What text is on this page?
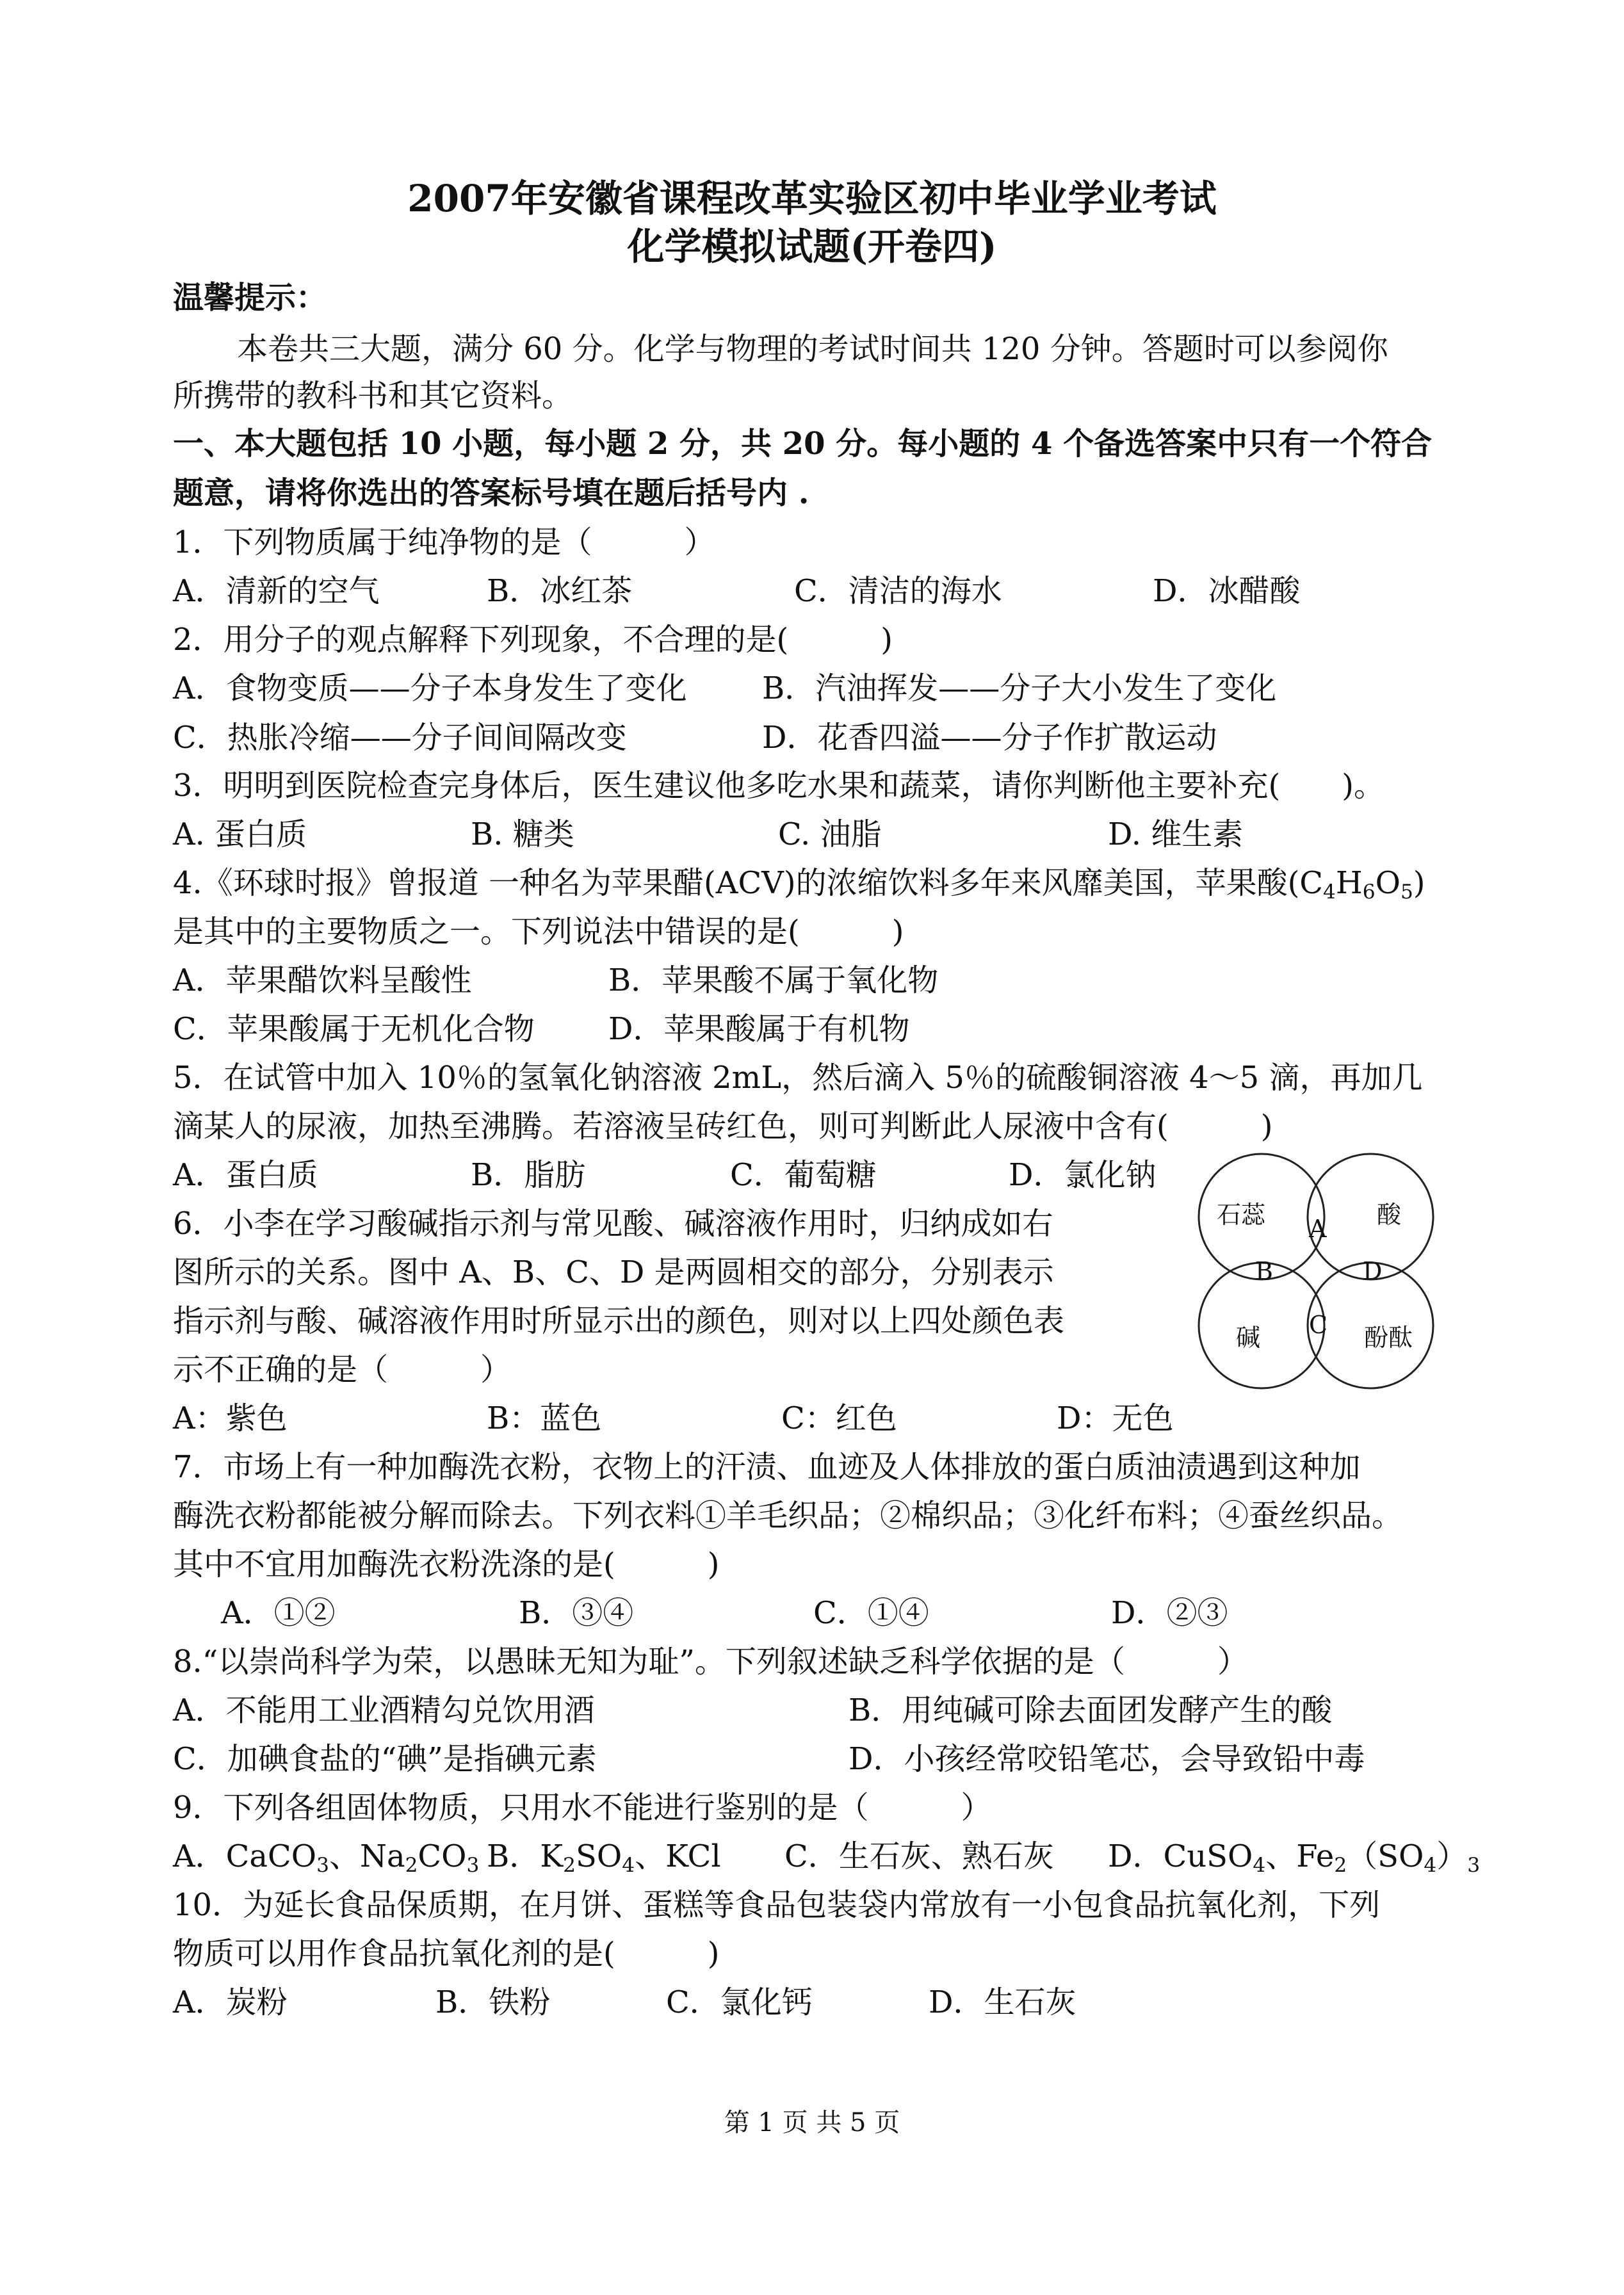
2007年安徽省课程改革实验区初中毕业学业考试
化学模拟试题(开卷四)
温馨提示：
本卷共三大题，满分 60 分。化学与物理的考试时间共 120 分钟。答题时可以参阅你
所携带的教科书和其它资料。
一、本大题包括 10 小题，每小题 2 分，共 20 分。每小题的 4 个备选答案中只有一个符合
题意，请将你选出的答案标号填在题后括号内 .
1．下列物质属于纯净物的是（　　　）
A．清新的空气	B．冰红茶	C．清洁的海水	D．冰醋酸
2．用分子的观点解释下列现象，不合理的是(　　　)
A．食物变质——分子本身发生了变化 B．汽油挥发——分子大小发生了变化
C．热胀冷缩——分子间间隔改变	D．花香四溢——分子作扩散运动
3．明明到医院检查完身体后，医生建议他多吃水果和蔬菜，请你判断他主要补充(　　)。
A. 蛋白质	B. 糖类	C. 油脂	D. 维生素
4.《环球时报》曾报道 一种名为苹果醋(ACV)的浓缩饮料多年来风靡美国，苹果酸$(C_4H_6O_5)$
是其中的主要物质之一。下列说法中错误的是(　　　)
A．苹果醋饮料呈酸性	B．苹果酸不属于氧化物
C．苹果酸属于无机化合物 D．苹果酸属于有机物
5．在试管中加入 10％的氢氧化钠溶液 2mL，然后滴入 5％的硫酸铜溶液 4～5 滴，再加几
滴某人的尿液，加热至沸腾。若溶液呈砖红色，则可判断此人尿液中含有(　　　)
A．蛋白质	B．脂肪	C．葡萄糖	D．氯化钠
6．小李在学习酸碱指示剂与常见酸、碱溶液作用时，归纳成如右
图所示的关系。图中 A、B、C、D 是两圆相交的部分，分别表示
指示剂与酸、碱溶液作用时所显示出的颜色，则对以上四处颜色表
示不正确的是（　　　）
A：紫色	B：蓝色	C：红色	D：无色
石蕊	酸
碱	酚酞
A
B
C
D
7．市场上有一种加酶洗衣粉，衣物上的汗渍、血迹及人体排放的蛋白质油渍遇到这种加
酶洗衣粉都能被分解而除去。下列衣料①羊毛织品；②棉织品；③化纤布料；④蚕丝织品。
其中不宜用加酶洗衣粉洗涤的是(　　　)
A．①②	B．③④	C．①④	D．②③
8.“以崇尚科学为荣，以愚昧无知为耻”。下列叙述缺乏科学依据的是（　　　）
A．不能用工业酒精勾兑饮用酒	B．用纯碱可除去面团发酵产生的酸
C．加碘食盐的“碘”是指碘元素	D．小孩经常咬铅笔芯，会导致铅中毒
9．下列各组固体物质，只用水不能进行鉴别的是（　　　）
A．CaCO$_3$、$Na_2CO_3$ B．$K_2SO_4$、KCl C．生石灰、熟石灰 D．CuSO$_4$、$Fe_2(SO_4)_3$
10．为延长食品保质期，在月饼、蛋糕等食品包装袋内常放有一小包食品抗氧化剂，下列
物质可以用作食品抗氧化剂的是(　　　)
A．炭粉	B．铁粉	C．氯化钙	D．生石灰
第 1 页 共 5 页
